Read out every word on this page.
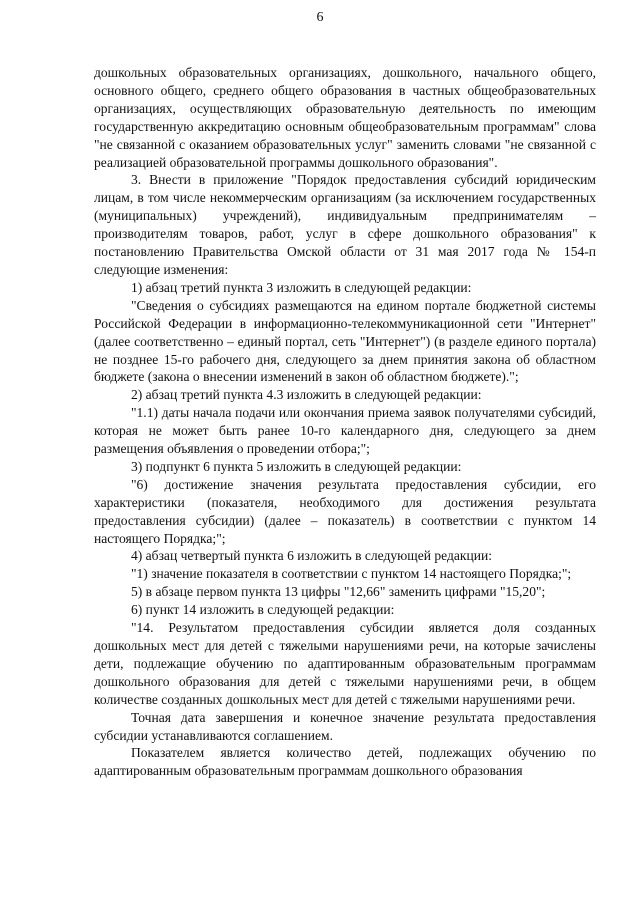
6

дошкольных образовательных организациях, дошкольного, начального общего, основного общего, среднего общего образования в частных общеобразовательных организациях, осуществляющих образовательную деятельность по имеющим государственную аккредитацию основным общеобразовательным программам" слова "не связанной с оказанием образовательных услуг" заменить словами "не связанной с реализацией образовательной программы дошкольного образования".

3. Внести в приложение "Порядок предоставления субсидий юридическим лицам, в том числе некоммерческим организациям (за исключением государственных (муниципальных) учреждений), индивидуальным предпринимателям – производителям товаров, работ, услуг в сфере дошкольного образования" к постановлению Правительства Омской области от 31 мая 2017 года № 154-п следующие изменения:

1) абзац третий пункта 3 изложить в следующей редакции:

"Сведения о субсидиях размещаются на едином портале бюджетной системы Российской Федерации в информационно-телекоммуникационной сети "Интернет" (далее соответственно – единый портал, сеть "Интернет") (в разделе единого портала) не позднее 15-го рабочего дня, следующего за днем принятия закона об областном бюджете (закона о внесении изменений в закон об областном бюджете).";

2) абзац третий пункта 4.3 изложить в следующей редакции:

"1.1) даты начала подачи или окончания приема заявок получателями субсидий, которая не может быть ранее 10-го календарного дня, следующего за днем размещения объявления о проведении отбора;";

3) подпункт 6 пункта 5 изложить в следующей редакции:

"6) достижение значения результата предоставления субсидии, его характеристики (показателя, необходимого для достижения результата предоставления субсидии) (далее – показатель) в соответствии с пунктом 14 настоящего Порядка;";

4) абзац четвертый пункта 6 изложить в следующей редакции:

"1) значение показателя в соответствии с пунктом 14 настоящего Порядка;";

5) в абзаце первом пункта 13 цифры "12,66" заменить цифрами "15,20";

6) пункт 14 изложить в следующей редакции:

"14. Результатом предоставления субсидии является доля созданных дошкольных мест для детей с тяжелыми нарушениями речи, на которые зачислены дети, подлежащие обучению по адаптированным образовательным программам дошкольного образования для детей с тяжелыми нарушениями речи, в общем количестве созданных дошкольных мест для детей с тяжелыми нарушениями речи.

Точная дата завершения и конечное значение результата предоставления субсидии устанавливаются соглашением.

Показателем является количество детей, подлежащих обучению по адаптированным образовательным программам дошкольного образования
